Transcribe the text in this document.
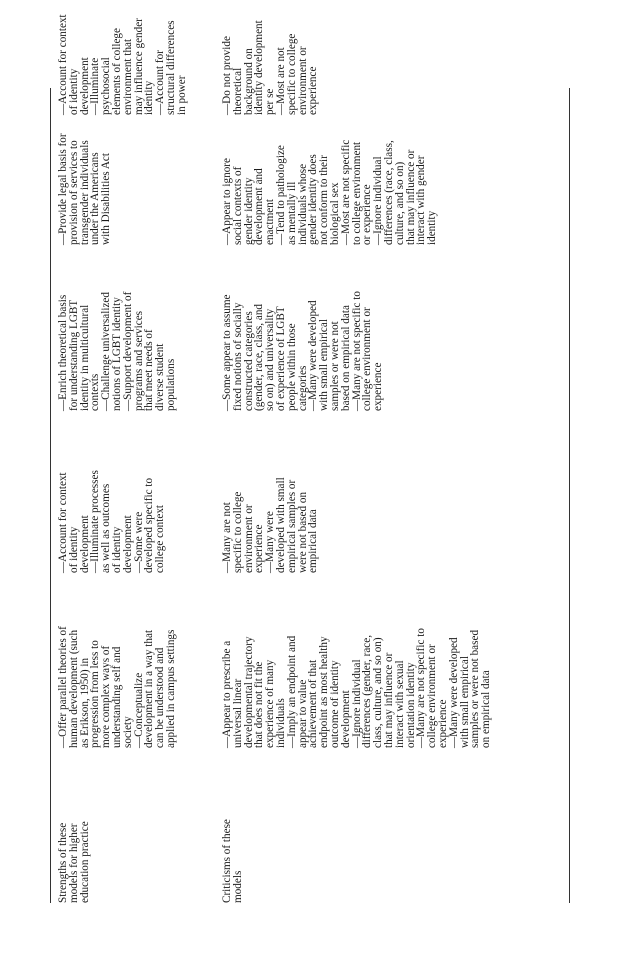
Strengths of these
models for higher
education practice
—Offer parallel theories of
human development (such
as Erikson, 1950) in
progression from less to
more complex ways of
understanding self and
society
—Conceptualize
development in a way that
can be understood and
applied in campus settings
—Account for context
of identity
development
—Illuminate processes
as well as outcomes
of identity
development
—Some were
developed specific to
college context
—Enrich theoretical basis
for understanding LGBT
identity in multicultural
contexts
—Challenge universalized
notions of LGBT identity
—Support development of
programs and services
that meet needs of
diverse student
populations
—Provide legal basis for
provision of services to
transgender individuals
under the Americans
with Disabilities Act
—Account for context
of identity
development
—Illuminate
psychosocial
elements of college
environment that
may influence gender
identity
—Account for
structural differences
in power
Criticisms of these
models
—Appear to prescribe a
universal linear
developmental trajectory
that does not fit the
experience of many
individuals
—Imply an endpoint and
appear to value
achievement of that
endpoint as most healthy
outcome of identity
development
—Ignore individual
differences (gender, race,
class, culture, and so on)
that may influence or
interact with sexual
orientation identity
—Many are not specific to
college environment or
experience
—Many were developed
with small empirical
samples or were not based
on empirical data
—Many are not
specific to college
environment or
experience
—Many were
developed with small
empirical samples or
were not based on
empirical data
—Some appear to assume
fixed notions of socially
constructed categories
(gender, race, class, and
so on) and universality
of experience of LGBT
people within those
categories
—Many were developed
with small empirical
samples or were not
based on empirical data
—Many are not specific to
college environment or
experience
—Appear to ignore
social contexts of
gender identity
development and
enactment
—Tend to pathologize
as mentally ill
individuals whose
gender identity does
not conform to their
biological sex
—Most are not specific
to college environment
or experience
—Ignore individual
differences (race, class,
culture, and so on)
that may influence or
interact with gender
identity
—Do not provide
theoretical
background on
identity development
per se
—Most are not
specific to college
environment or
experience
